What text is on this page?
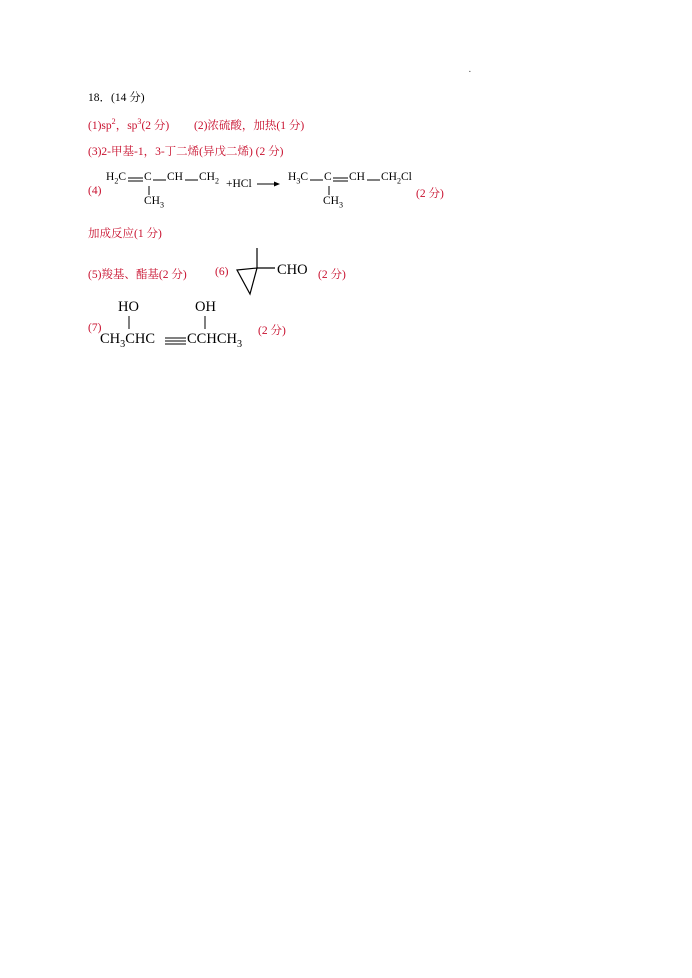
·
18．(14 分)
$(1)sp^2$，$sp^3(2$ 分) (2)浓硫酸，加热(1 分)
(3)2-甲基-1，3-丁二烯(异戊二烯) (2 分)
(4)
$H_2C$ C CH $CH_2$
$CH_3$
+HCl →
$H_3C$ C CH $CH_2Cl$
$CH_3$
(2 分)
加成反应(1 分)
(5)羧基、酯基(2 分) (6)	CHO (2 分)
HO	OH
(7)
$CH_3CHC$ $CCHCH_3$
(2 分)
